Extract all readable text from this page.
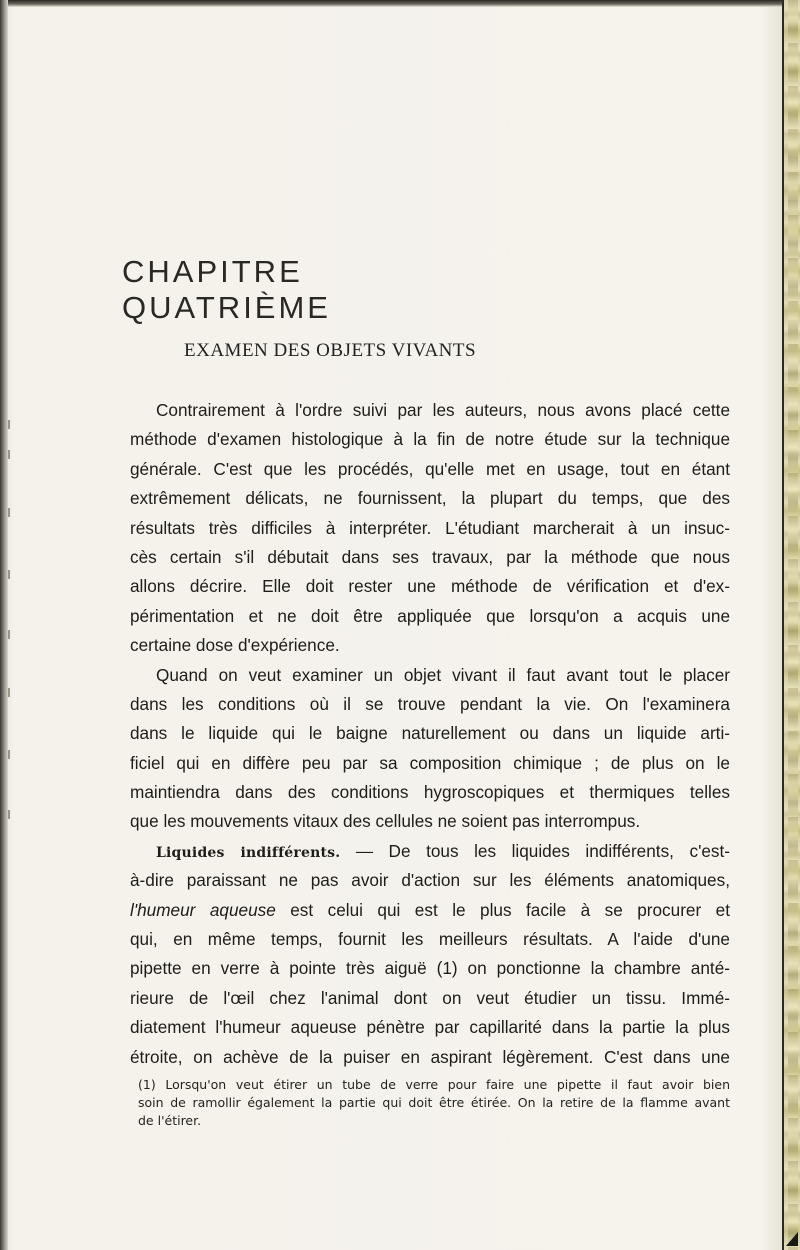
CHAPITRE QUATRIÈME
EXAMEN DES OBJETS VIVANTS
Contrairement à l'ordre suivi par les auteurs, nous avons placé cette
méthode d'examen histologique à la fin de notre étude sur la technique
générale. C'est que les procédés, qu'elle met en usage, tout en étant
extrêmement délicats, ne fournissent, la plupart du temps, que des
résultats très difficiles à interpréter. L'étudiant marcherait à un insuc-
cès certain s'il débutait dans ses travaux, par la méthode que nous
allons décrire. Elle doit rester une méthode de vérification et d'ex-
périmentation et ne doit être appliquée que lorsqu'on a acquis une
certaine dose d'expérience.
Quand on veut examiner un objet vivant il faut avant tout le placer
dans les conditions où il se trouve pendant la vie. On l'examinera
dans le liquide qui le baigne naturellement ou dans un liquide arti-
ficiel qui en diffère peu par sa composition chimique ; de plus on le
maintiendra dans des conditions hygroscopiques et thermiques telles
que les mouvements vitaux des cellules ne soient pas interrompus.
Liquides indifférents. — De tous les liquides indifférents, c'est-
à-dire paraissant ne pas avoir d'action sur les éléments anatomiques,
l'humeur aqueuse est celui qui est le plus facile à se procurer et
qui, en même temps, fournit les meilleurs résultats. A l'aide d'une
pipette en verre à pointe très aiguë (1) on ponctionne la chambre anté-
rieure de l'œil chez l'animal dont on veut étudier un tissu. Immé-
diatement l'humeur aqueuse pénètre par capillarité dans la partie la plus
étroite, on achève de la puiser en aspirant légèrement. C'est dans une
(1) Lorsqu'on veut étirer un tube de verre pour faire une pipette il faut avoir bien
soin de ramollir également la partie qui doit être étirée. On la retire de la flamme avant
de l'étirer.
